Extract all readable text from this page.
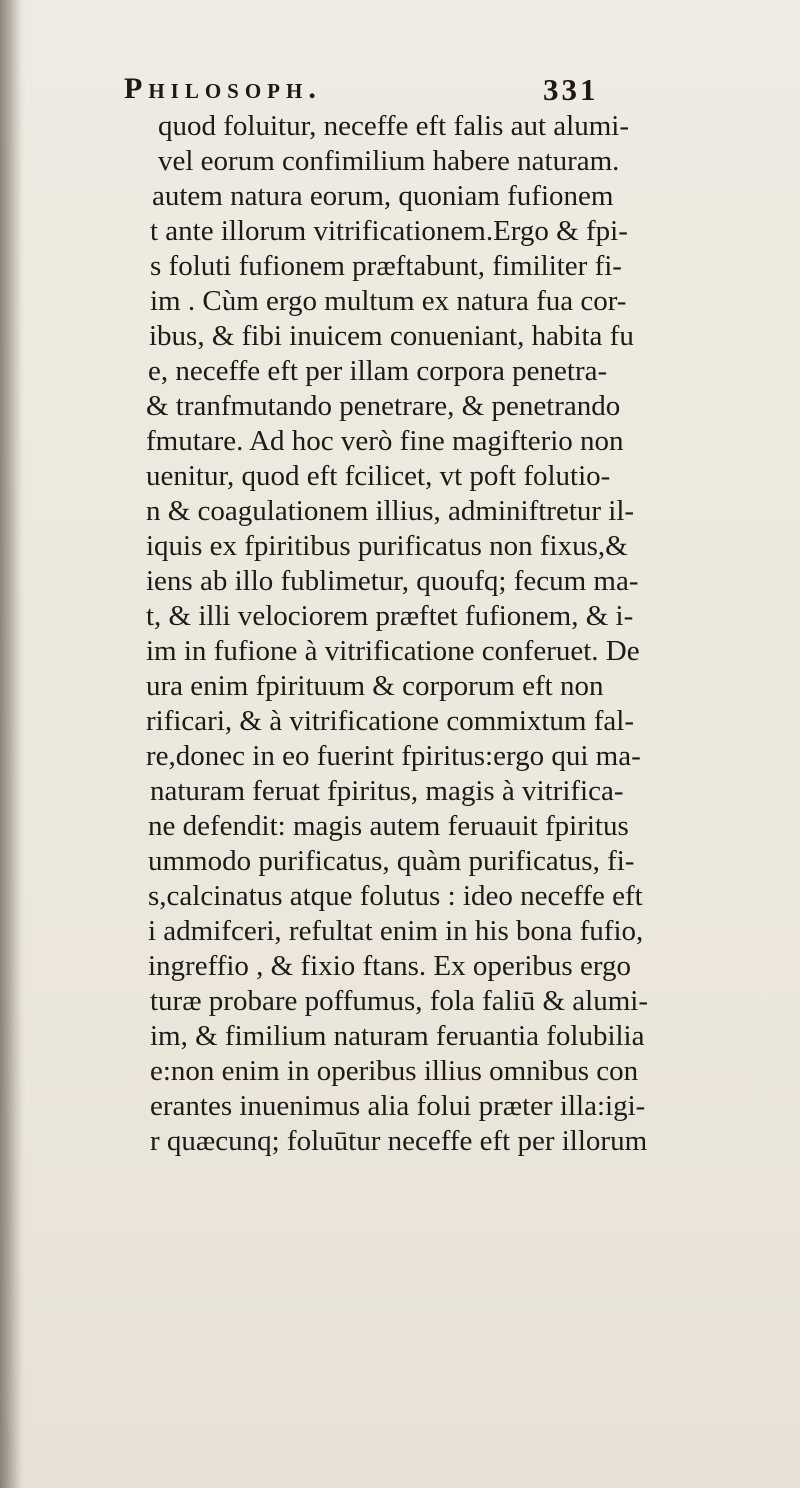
Philosoph.	331
quod foluitur, neceffe eft falis aut alumi-
vel eorum confimilium habere naturam.
autem natura eorum, quoniam fufionem
t ante illorum vitrificationem.Ergo & fpi-
s foluti fufionem præftabunt, fimiliter fi-
im . Cùm ergo multum ex natura fua cor-
ibus, & fibi inuicem conueniant, habita fu
e, neceffe eft per illam corpora penetra-
& tranfmutando penetrare, & penetrando
fmutare. Ad hoc verò fine magifterio non
uenitur, quod eft fcilicet, vt poft folutio-
n & coagulationem illius, adminiftretur il-
iquis ex fpiritibus purificatus non fixus,&
iens ab illo fublimetur, quoufq; fecum ma-
t, & illi velociorem præftet fufionem, & i-
im in fufione à vitrificatione conferuet. De
ura enim fpirituum & corporum eft non
rificari, & à vitrificatione commixtum fal-
re,donec in eo fuerint fpiritus:ergo qui ma-
naturam feruat fpiritus, magis à vitrifica-
ne defendit: magis autem feruauit fpiritus
ummodo purificatus, quàm purificatus, fi-
s,calcinatus atque folutus : ideo neceffe eft
i admifceri, refultat enim in his bona fufio,
ingreffio , & fixio ftans. Ex operibus ergo
turæ probare poffumus, fola faliū & alumi-
im, & fimilium naturam feruantia folubilia
e:non enim in operibus illius omnibus con
erantes inuenimus alia folui præter illa:igi-
r quæcunq; foluūtur neceffe eft per illorum
